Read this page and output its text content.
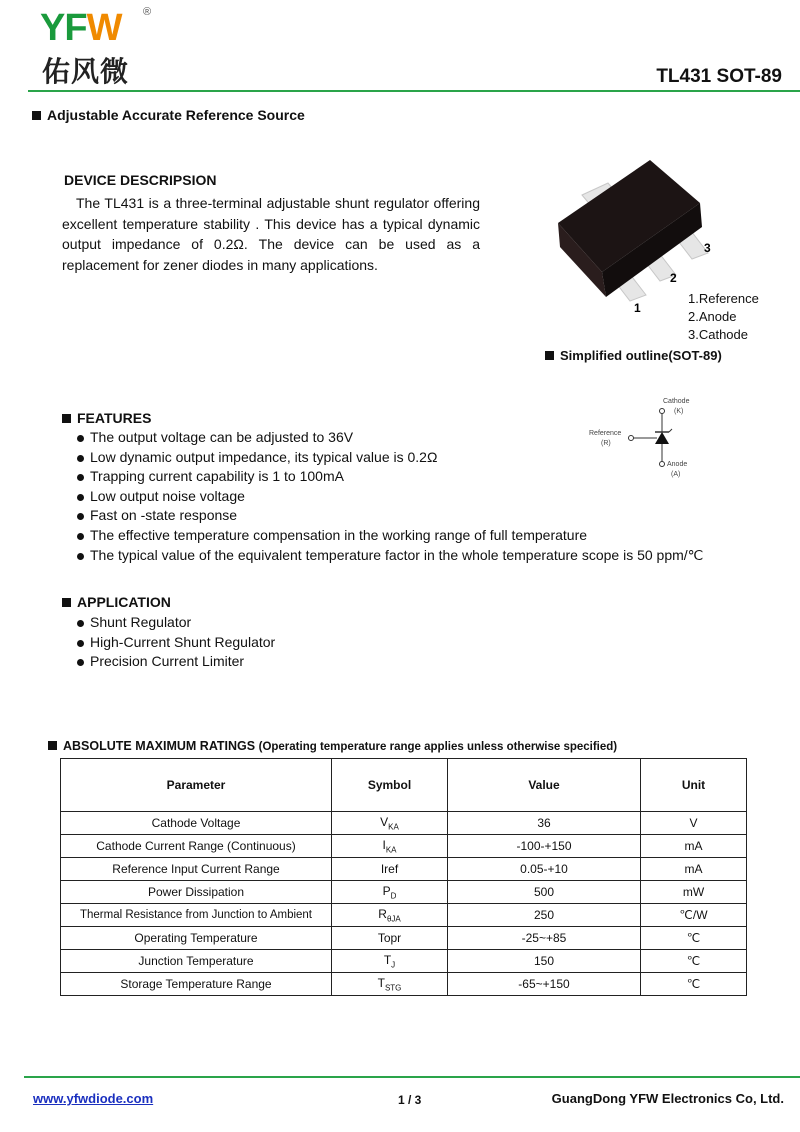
YFW ®
佑风微	TL431 SOT-89
Adjustable Accurate Reference Source
DEVICE DESCRIPSION
The TL431 is a three-terminal adjustable shunt regulator offering excellent temperature stability . This device has a typical dynamic output impedance of 0.2Ω. The device can be used as a replacement for zener diodes in many applications.
1
2
3
1.Reference
2.Anode
3.Cathode
Simplified outline(SOT-89)
Cathode
(K)
Reference
(R)
Anode
(A)
FEATURES
The output voltage can be adjusted to 36V
Low dynamic output impedance, its typical value is 0.2Ω
Trapping current capability is 1 to 100mA
Low output noise voltage
Fast on -state response
The effective temperature compensation in the working range of full temperature
The typical value of the equivalent temperature factor in the whole temperature scope is 50 ppm/℃
APPLICATION
Shunt Regulator
High-Current Shunt Regulator
Precision Current Limiter
ABSOLUTE MAXIMUM RATINGS (Operating temperature range applies unless otherwise specified)
Parameter	Symbol	Value	Unit
Cathode Voltage	$V_{KA}$	36	V
Cathode Current Range (Continuous)	$I_{KA}$	-100-+150	mA
Reference Input Current Range	Iref	0.05-+10	mA
Power Dissipation	$P_D$	500	mW
Thermal Resistance from Junction to Ambient	$R_{\theta JA}$	250	℃/W
Operating Temperature	Topr	-25~+85	℃
Junction Temperature	$T_J$	150	℃
Storage Temperature Range	$T_{STG}$	-65~+150	℃
www.yfwdiode.com	1 / 3	GuangDong YFW Electronics Co, Ltd.
